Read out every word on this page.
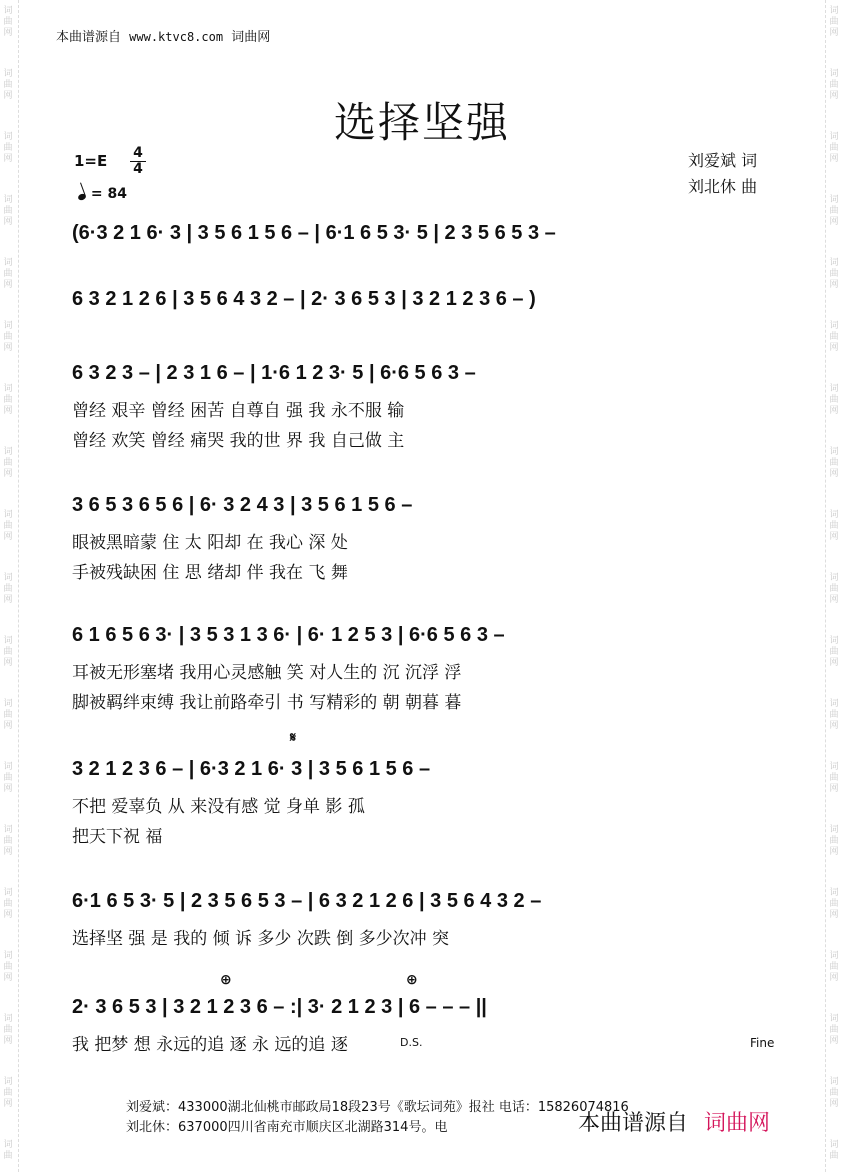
词
曲
网
词
曲
网
词
曲
网
词
曲
网
词
曲
网
词
曲
网
词
曲
网
词
曲
网
词
曲
网
词
曲
网
词
曲
网
词
曲
网
词
曲
网
词
曲
网
词
曲
网
词
曲
网
词
曲
网
词
曲
网
词
曲
词
曲
网
词
曲
网
词
曲
网
词
曲
网
词
曲
网
词
曲
网
词
曲
网
词
曲
网
词
曲
网
词
曲
网
词
曲
网
词
曲
网
词
曲
网
词
曲
网
词
曲
网
词
曲
网
词
曲
网
词
曲
网
词
曲
本曲谱源自 www.ktvc8.com 词曲网
选择坚强
1=E 4
4
= 84
刘爱斌 词
刘北休 曲
(6·3 2 1 6· 3 | 3 5 6 1 5 6 – | 6·1 6 5 3· 5 | 2 3 5 6 5 3 –
6 3 2 1 2 6 | 3 5 6 4 3 2 – | 2· 3 6 5 3 | 3 2 1 2 3 6 – )
6 3 2 3 – | 2 3 1 6 – | 1·6 1 2 3· 5 | 6·6 5 6 3 –
曾经 艰辛 曾经 困苦 自尊自 强 我 永不服 输
曾经 欢笑 曾经 痛哭 我的世 界 我 自己做 主
3 6 5 3 6 5 6 | 6· 3 2 4 3 | 3 5 6 1 5 6 –
眼被黑暗蒙 住 太 阳却 在 我心 深 处
手被残缺困 住 思 绪却 伴 我在 飞 舞
6 1 6 5 6 3· | 3 5 3 1 3 6· | 6· 1 2 5 3 | 6·6 5 6 3 –
耳被无形塞堵 我用心灵感触 笑 对人生的 沉 沉浮 浮
脚被羁绊束缚 我让前路牵引 书 写精彩的 朝 朝暮 暮
𝄋
3 2 1 2 3 6 – | 6·3 2 1 6· 3 | 3 5 6 1 5 6 –
不把 爱辜负 从 来没有感 觉 身单 影 孤
把天下祝 福
6·1 6 5 3· 5 | 2 3 5 6 5 3 – | 6 3 2 1 2 6 | 3 5 6 4 3 2 –
选择坚 强 是 我的 倾 诉 多少 次跌 倒 多少次冲 突
⊕	⊕
2· 3 6 5 3 | 3 2 1 2 3 6 – :| 3· 2 1 2 3 | 6 – – – ||
我 把梦 想 永远的追 逐 永 远的追 逐	D.S.	Fine
刘爱斌：433000湖北仙桃市邮政局18段23号《歌坛词苑》报社 电话：15826074816
刘北休：637000四川省南充市顺庆区北湖路314号。电	本曲谱源自 词曲网
